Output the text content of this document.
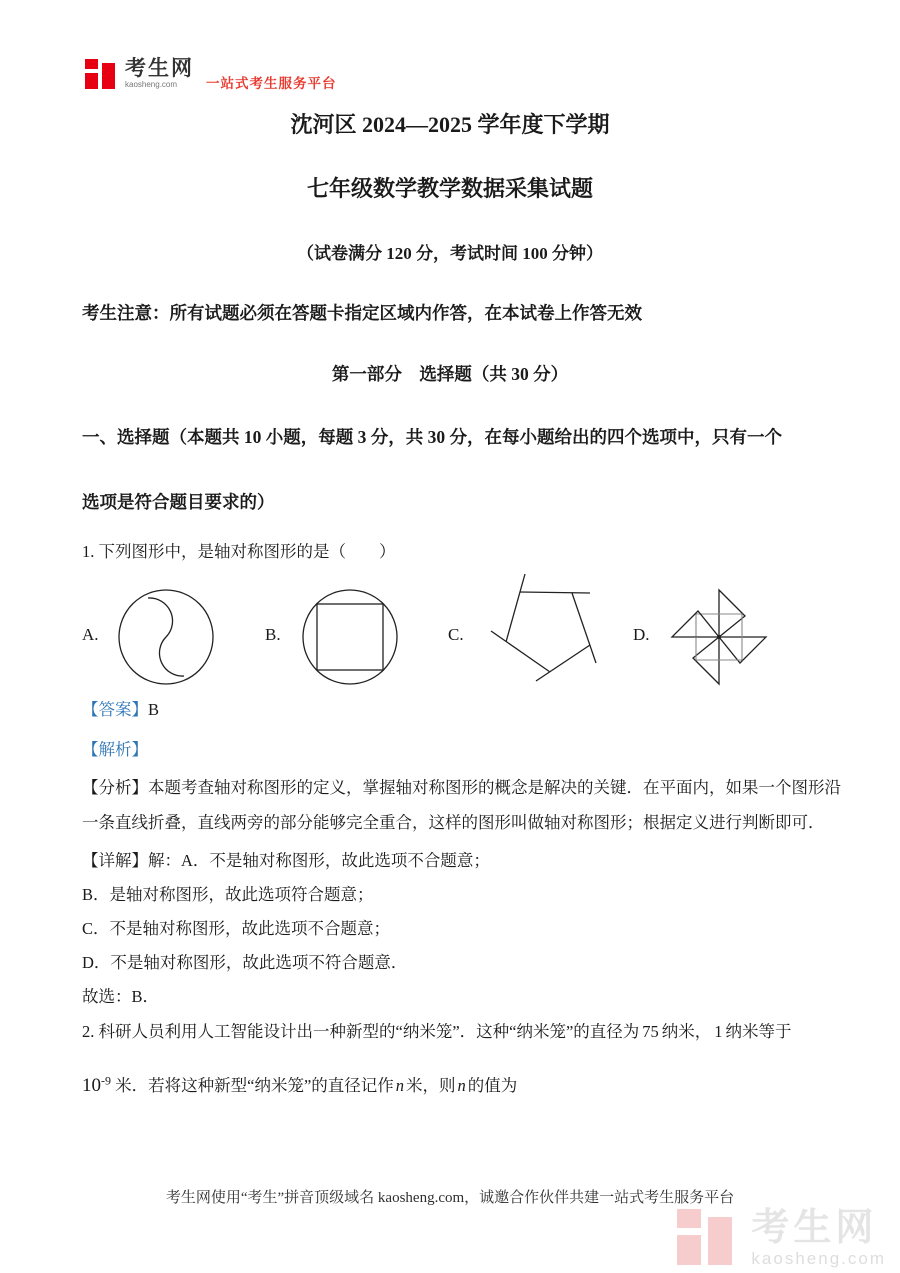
考生网
kaosheng.com	一站式考生服务平台
沈河区 2024—2025 学年度下学期
七年级数学教学数据采集试题
（试卷满分 120 分，考试时间 100 分钟）
考生注意：所有试题必须在答题卡指定区域内作答，在本试卷上作答无效
第一部分　选择题（共 30 分）
一、选择题（本题共 10 小题，每题 3 分，共 30 分，在每小题给出的四个选项中，只有一个
选项是符合题目要求的）
1. 下列图形中，是轴对称图形的是（　　）
A.	B.	C.	D.
【答案】B
【解析】
【分析】本题考查轴对称图形的定义，掌握轴对称图形的概念是解决的关键．在平面内，如果一个图形沿
一条直线折叠，直线两旁的部分能够完全重合，这样的图形叫做轴对称图形；根据定义进行判断即可．
【详解】解：A．不是轴对称图形，故此选项不合题意；
B．是轴对称图形，故此选项符合题意；
C．不是轴对称图形，故此选项不合题意；
D．不是轴对称图形，故此选项不符合题意．
故选：B．
2. 科研人员利用人工智能设计出一种新型的“纳米笼”．这种“纳米笼”的直径为 75 纳米， 1 纳米等于
$10^{-9}$ 米．若将这种新型“纳米笼”的直径记作 n 米，则 n 的值为
考生网使用“考生”拼音顶级域名 kaosheng.com，诚邀合作伙伴共建一站式考生服务平台
考生网
kaosheng.com
